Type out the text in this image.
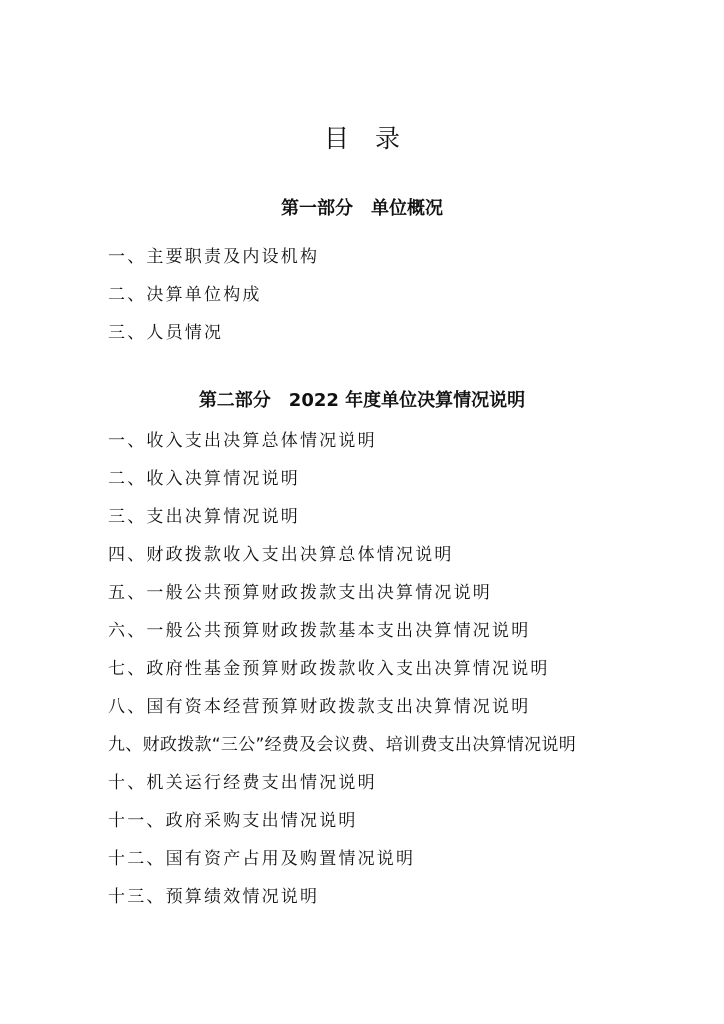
目录
第一部分　单位概况
一、主要职责及内设机构
二、决算单位构成
三、人员情况
第二部分　2022 年度单位决算情况说明
一、收入支出决算总体情况说明
二、收入决算情况说明
三、支出决算情况说明
四、财政拨款收入支出决算总体情况说明
五、一般公共预算财政拨款支出决算情况说明
六、一般公共预算财政拨款基本支出决算情况说明
七、政府性基金预算财政拨款收入支出决算情况说明
八、国有资本经营预算财政拨款支出决算情况说明
九、财政拨款“三公”经费及会议费、培训费支出决算情况说明
十、机关运行经费支出情况说明
十一、政府采购支出情况说明
十二、国有资产占用及购置情况说明
十三、预算绩效情况说明
